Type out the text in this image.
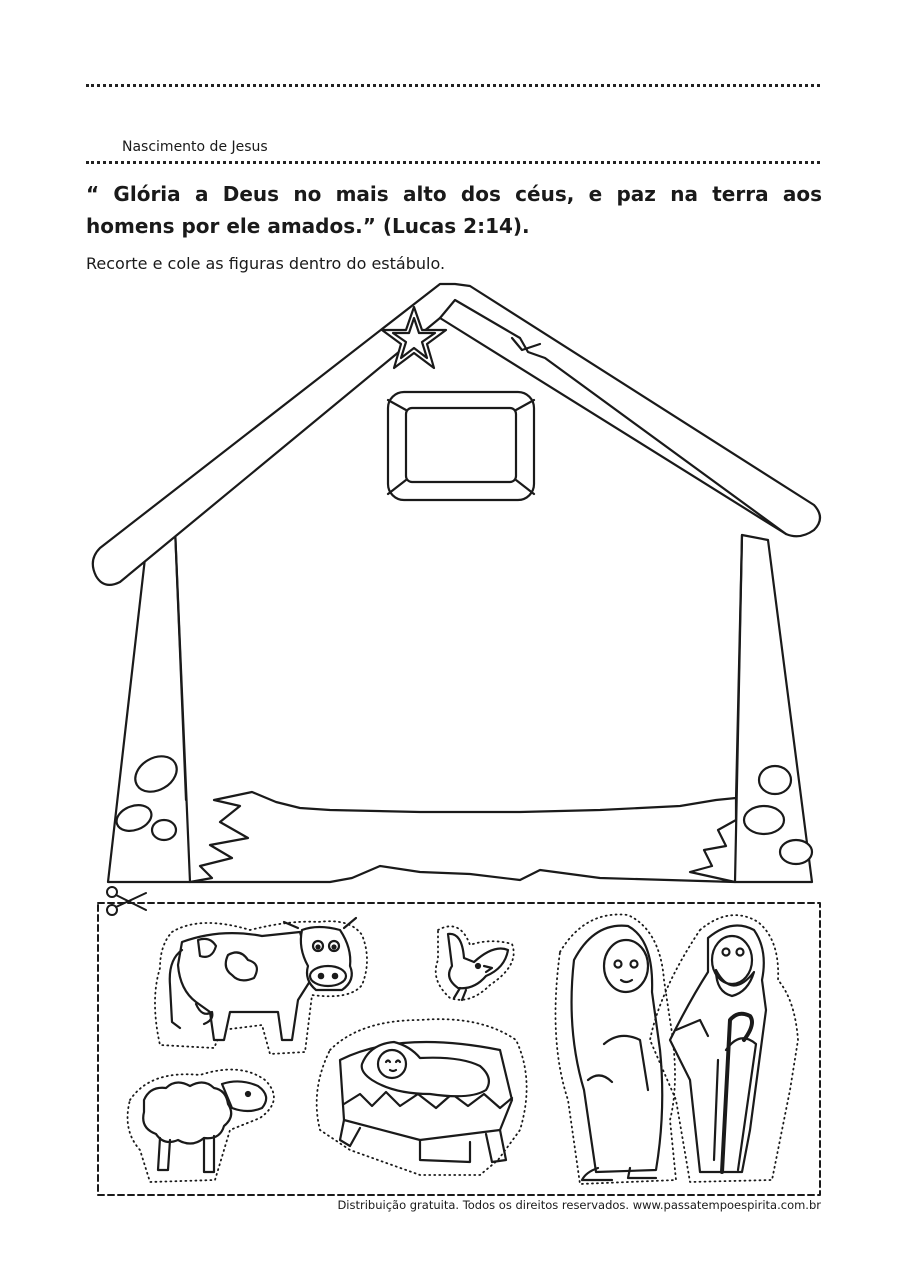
Nascimento de Jesus
“ Glória a Deus no mais alto dos céus, e paz na terra aos homens por ele amados.” (Lucas 2:14).
Recorte e cole as figuras dentro do estábulo.
Distribuição gratuita. Todos os direitos reservados. www.passatempoespirita.com.br
